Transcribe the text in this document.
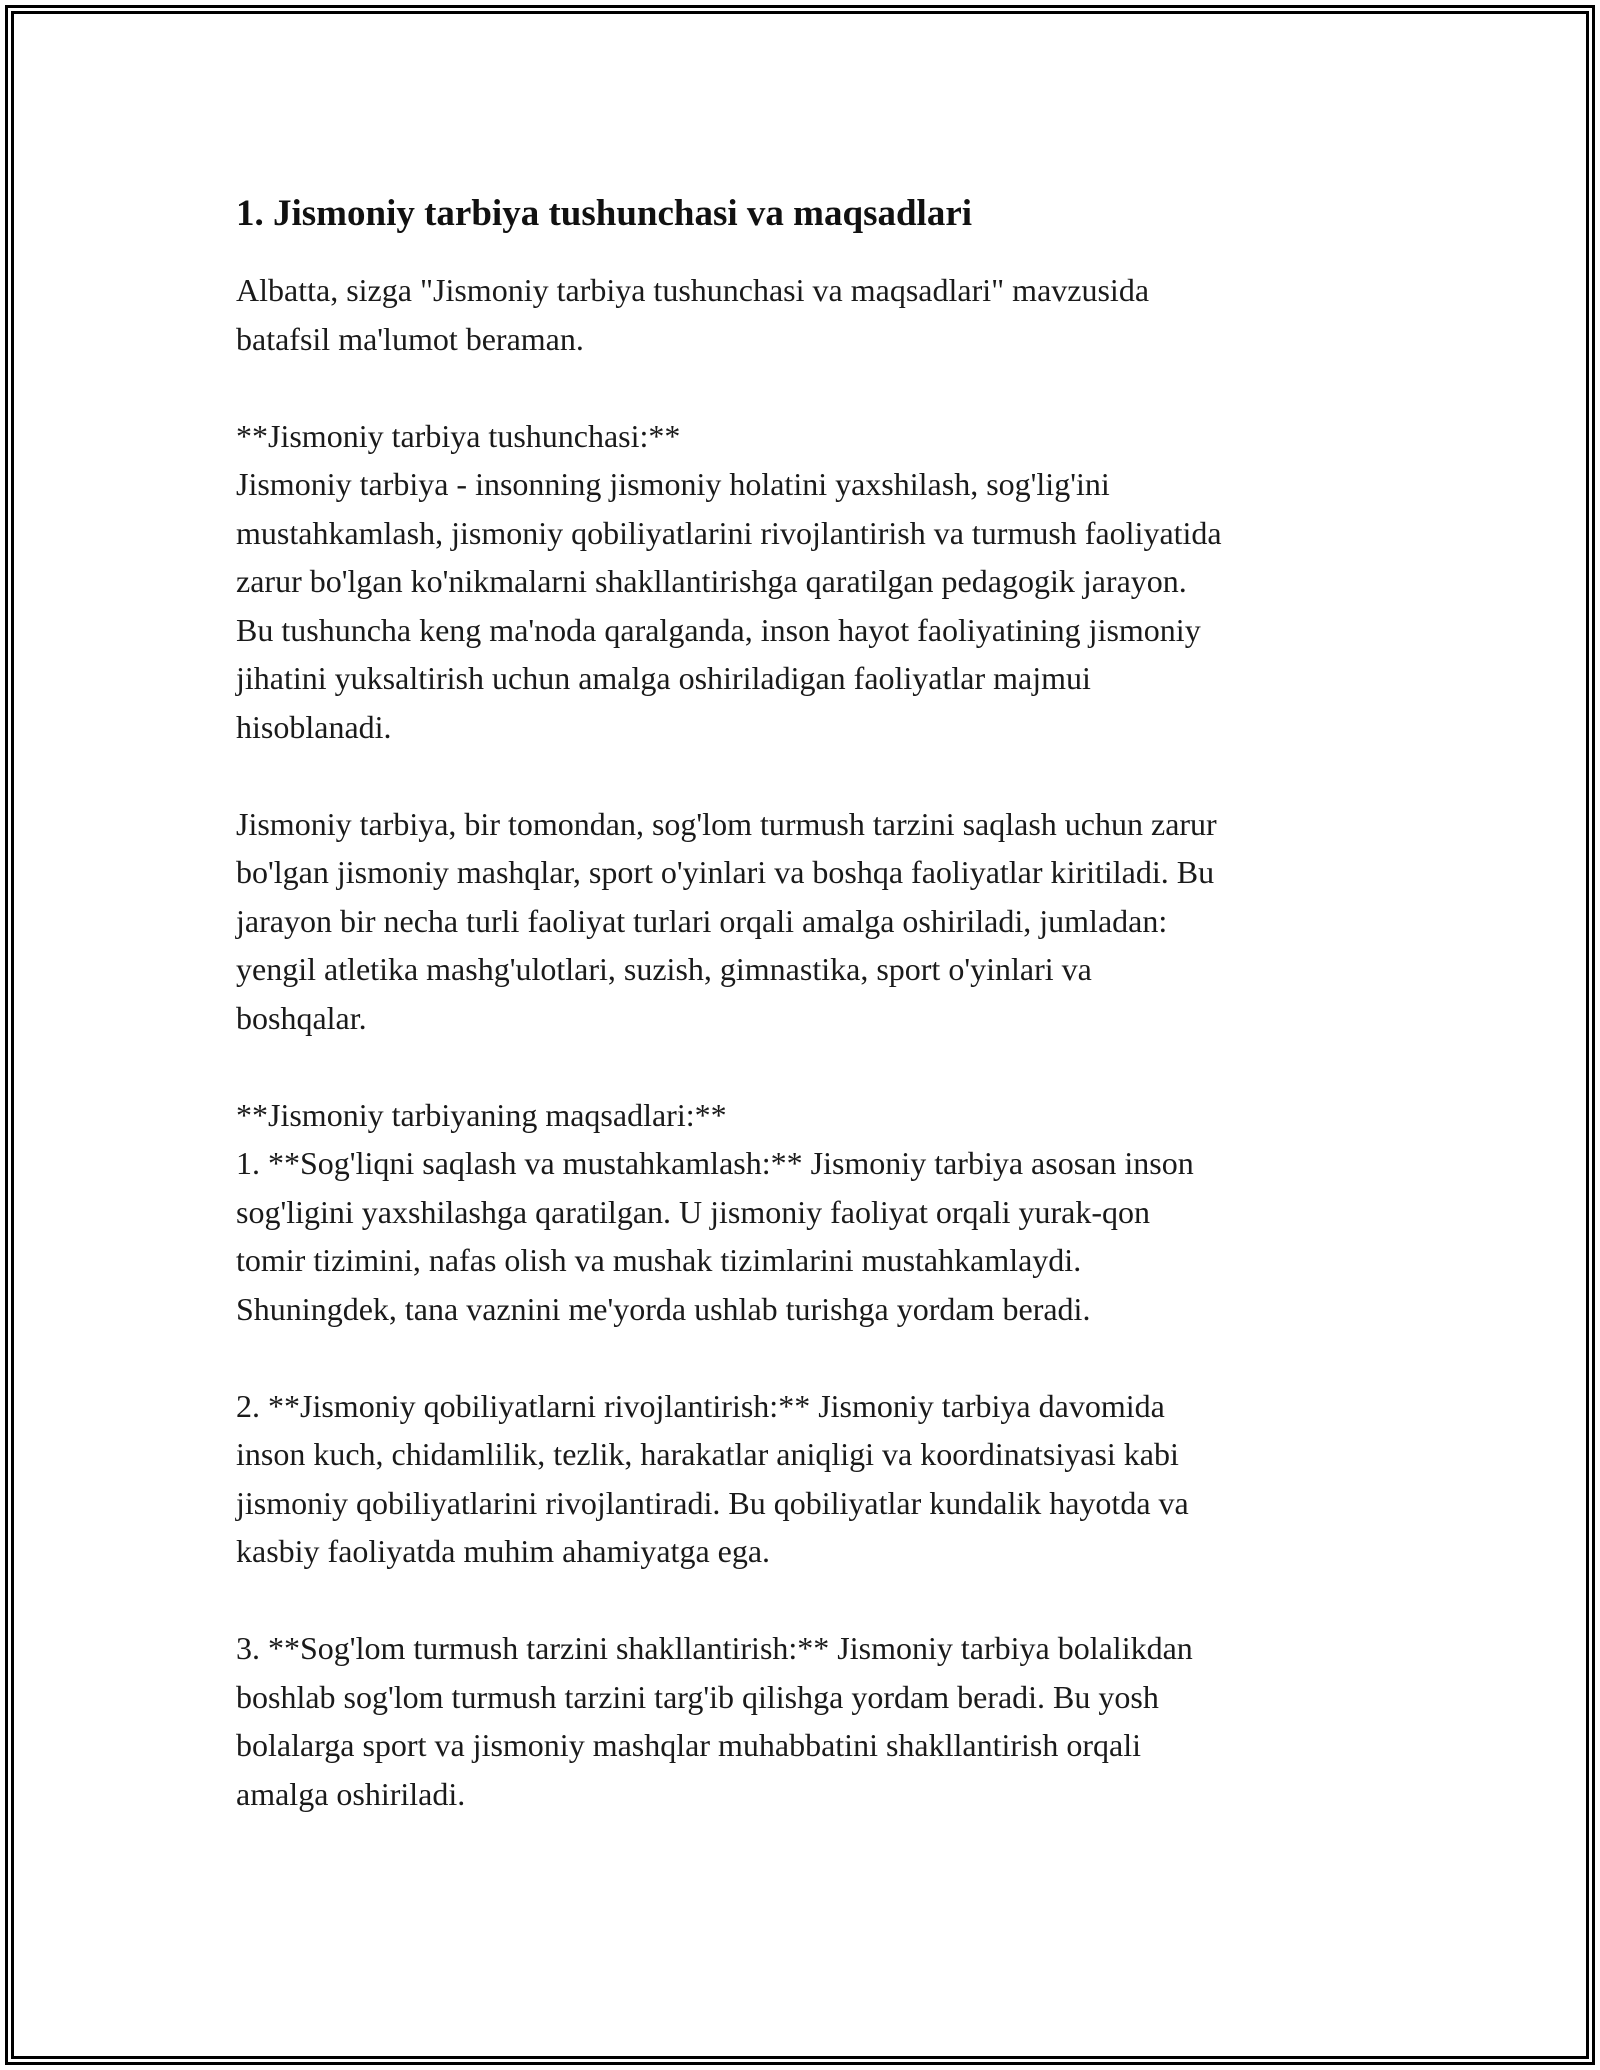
1. Jismoniy tarbiya tushunchasi va maqsadlari

Albatta, sizga "Jismoniy tarbiya tushunchasi va maqsadlari" mavzusida
batafsil ma'lumot beraman.

**Jismoniy tarbiya tushunchasi:**
Jismoniy tarbiya - insonning jismoniy holatini yaxshilash, sog'lig'ini
mustahkamlash, jismoniy qobiliyatlarini rivojlantirish va turmush faoliyatida
zarur bo'lgan ko'nikmalarni shakllantirishga qaratilgan pedagogik jarayon.
Bu tushuncha keng ma'noda qaralganda, inson hayot faoliyatining jismoniy
jihatini yuksaltirish uchun amalga oshiriladigan faoliyatlar majmui
hisoblanadi.

Jismoniy tarbiya, bir tomondan, sog'lom turmush tarzini saqlash uchun zarur
bo'lgan jismoniy mashqlar, sport o'yinlari va boshqa faoliyatlar kiritiladi. Bu
jarayon bir necha turli faoliyat turlari orqali amalga oshiriladi, jumladan:
yengil atletika mashg'ulotlari, suzish, gimnastika, sport o'yinlari va
boshqalar.

**Jismoniy tarbiyaning maqsadlari:**
1. **Sog'liqni saqlash va mustahkamlash:** Jismoniy tarbiya asosan inson
sog'ligini yaxshilashga qaratilgan. U jismoniy faoliyat orqali yurak-qon
tomir tizimini, nafas olish va mushak tizimlarini mustahkamlaydi.
Shuningdek, tana vaznini me'yorda ushlab turishga yordam beradi.

2. **Jismoniy qobiliyatlarni rivojlantirish:** Jismoniy tarbiya davomida
inson kuch, chidamlilik, tezlik, harakatlar aniqligi va koordinatsiyasi kabi
jismoniy qobiliyatlarini rivojlantiradi. Bu qobiliyatlar kundalik hayotda va
kasbiy faoliyatda muhim ahamiyatga ega.

3. **Sog'lom turmush tarzini shakllantirish:** Jismoniy tarbiya bolalikdan
boshlab sog'lom turmush tarzini targ'ib qilishga yordam beradi. Bu yosh
bolalarga sport va jismoniy mashqlar muhabbatini shakllantirish orqali
amalga oshiriladi.
